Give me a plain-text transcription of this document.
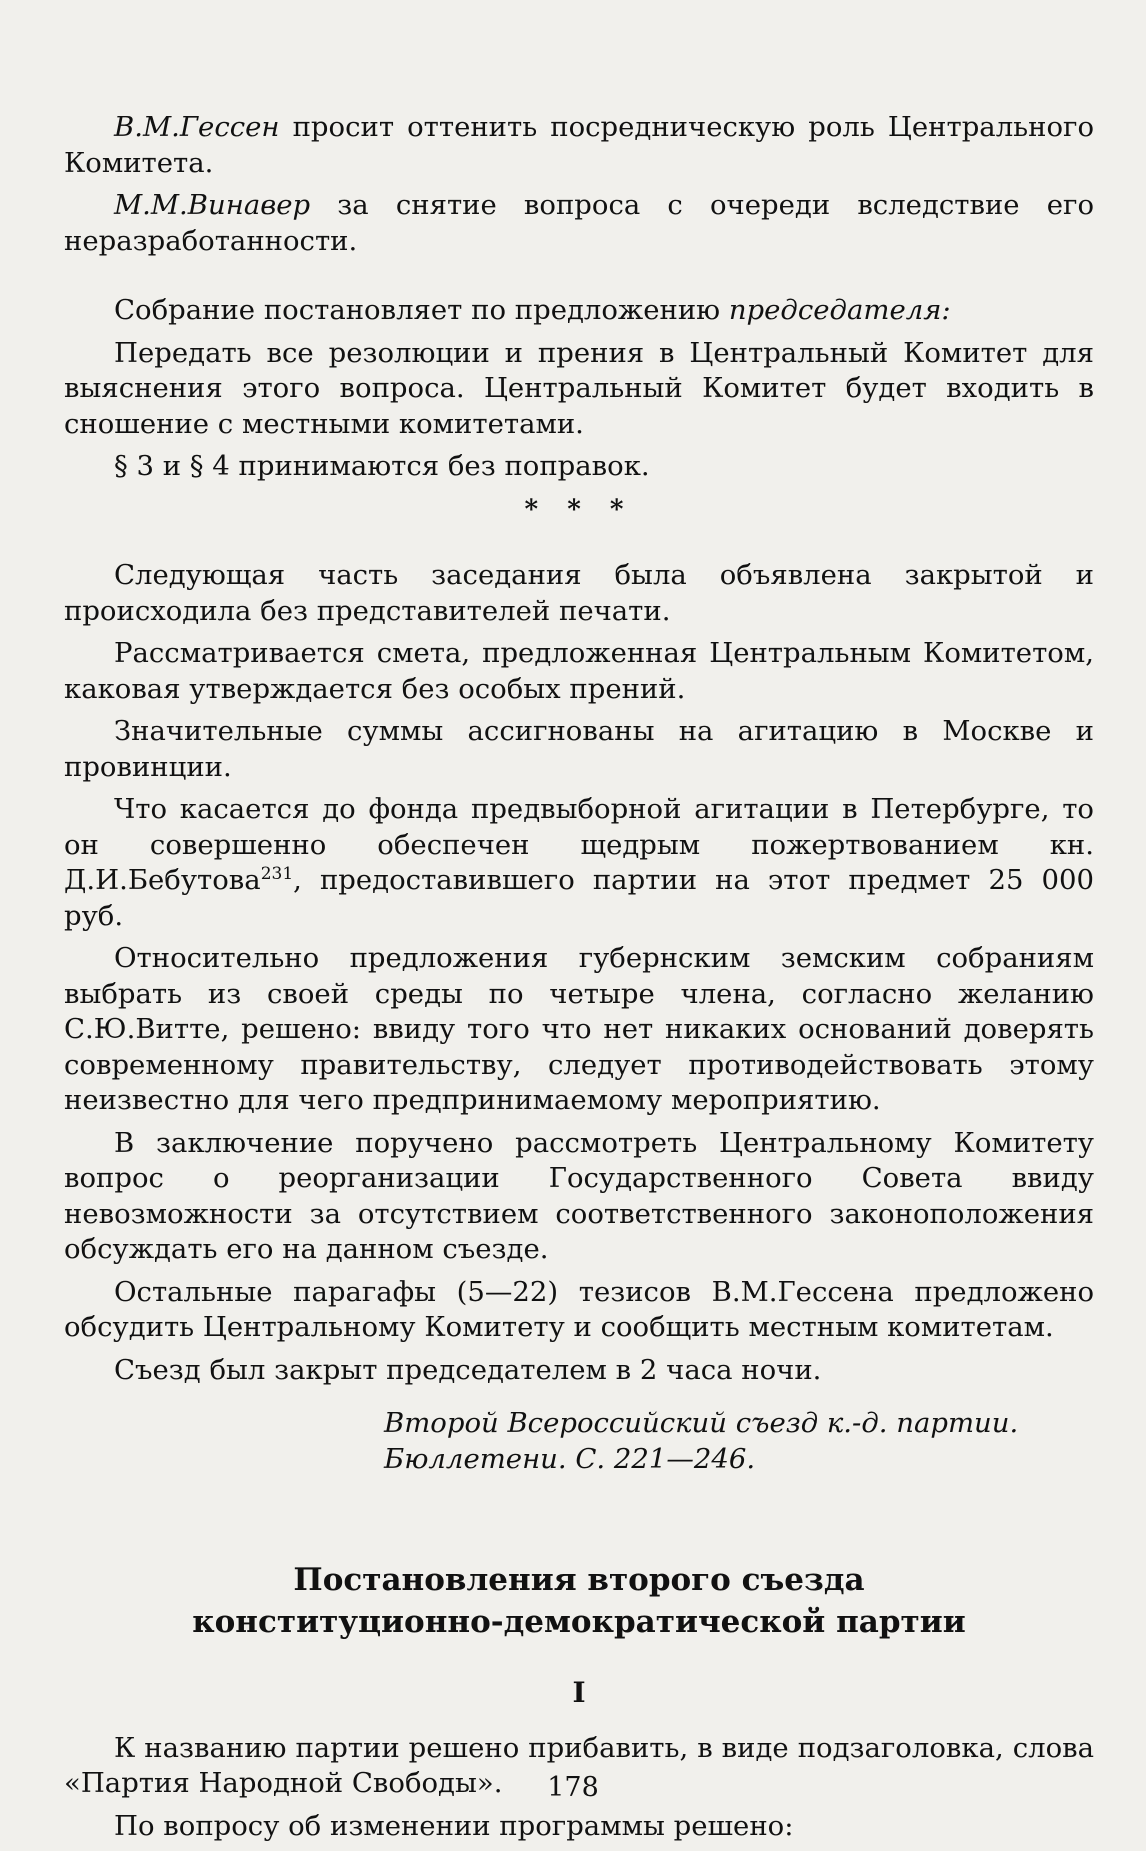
В.М.Гессен просит оттенить посредническую роль Центрального Комитета.

М.М.Винавер за снятие вопроса с очереди вследствие его неразработанности.

Собрание постановляет по предложению председателя:

Передать все резолюции и прения в Центральный Комитет для выяснения этого вопроса. Центральный Комитет будет входить в сношение с местными комитетами.

§ 3 и § 4 принимаются без поправок.

* * *

Следующая часть заседания была объявлена закрытой и происходила без представителей печати.

Рассматривается смета, предложенная Центральным Комитетом, каковая утверждается без особых прений.

Значительные суммы ассигнованы на агитацию в Москве и провинции.

Что касается до фонда предвыборной агитации в Петербурге, то он совершенно обеспечен щедрым пожертвованием кн. Д.И.Бебутова$^{231}$, предоставившего партии на этот предмет 25 000 руб.

Относительно предложения губернским земским собраниям выбрать из своей среды по четыре члена, согласно желанию С.Ю.Витте, решено: ввиду того что нет никаких оснований доверять современному правительству, следует противодействовать этому неизвестно для чего предпринимаемому мероприятию.

В заключение поручено рассмотреть Центральному Комитету вопрос о реорганизации Государственного Совета ввиду невозможности за отсутствием соответственного законоположения обсуждать его на данном съезде.

Остальные парагафы (5—22) тезисов В.М.Гессена предложено обсудить Центральному Комитету и сообщить местным комитетам.

Съезд был закрыт председателем в 2 часа ночи.

Второй Всероссийский съезд к.-д. партии.

Бюллетени. С. 221—246.

Постановления второго съезда
конституционно-демократической партии
I

К названию партии решено прибавить, в виде подзаголовка, слова «Партия Народной Свободы».

По вопросу об изменении программы решено:

178
